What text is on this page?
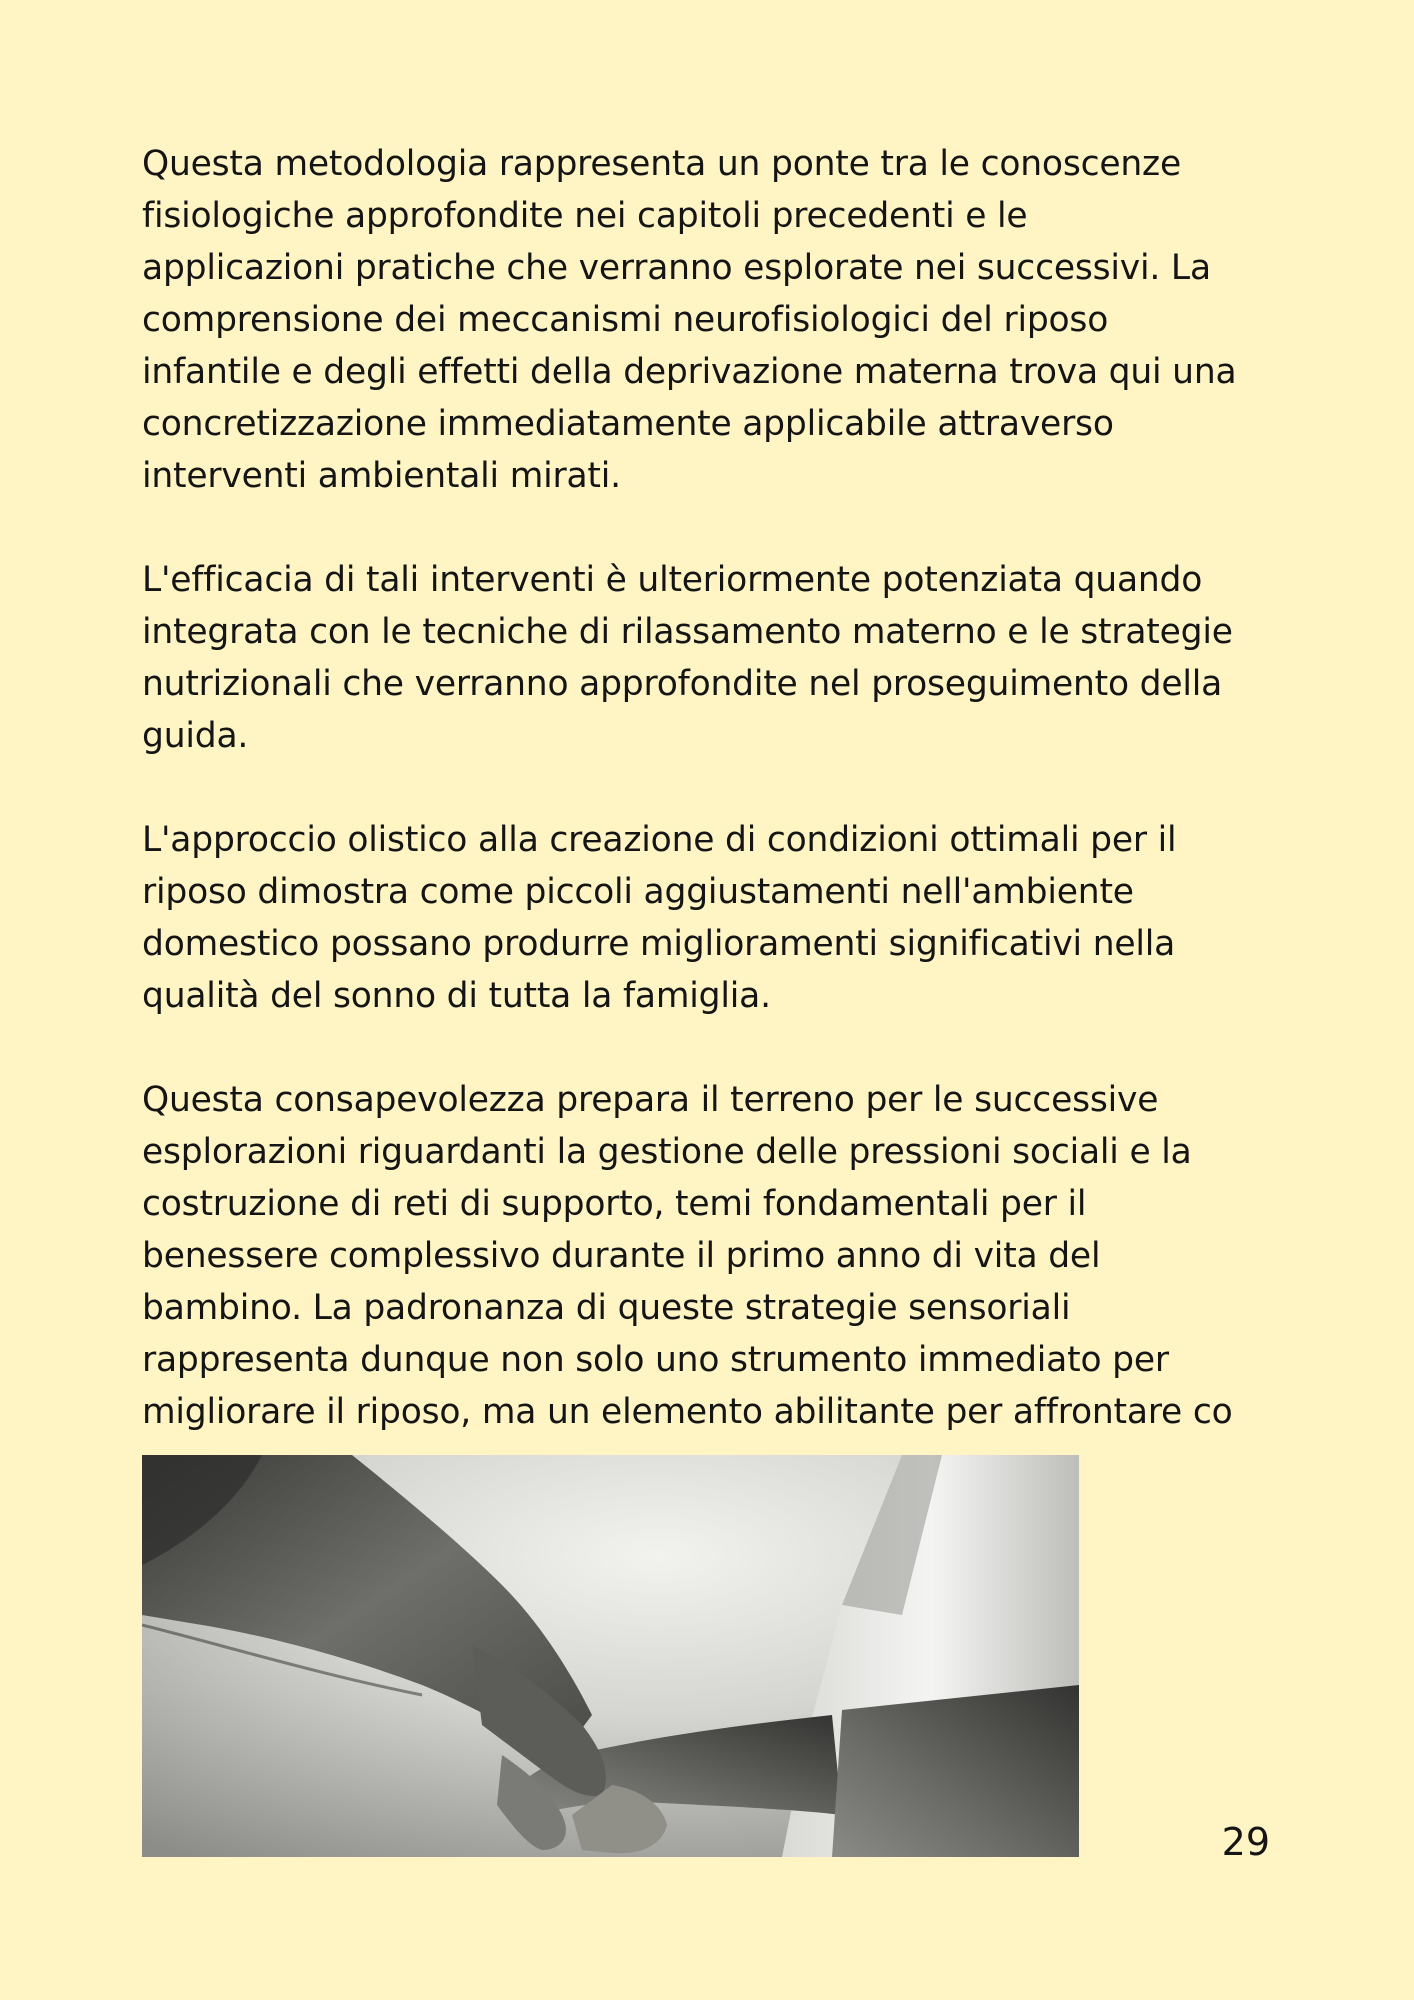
Questa metodologia rappresenta un ponte tra le conoscenze
fisiologiche approfondite nei capitoli precedenti e le
applicazioni pratiche che verranno esplorate nei successivi. La
comprensione dei meccanismi neurofisiologici del riposo
infantile e degli effetti della deprivazione materna trova qui una
concretizzazione immediatamente applicabile attraverso
interventi ambientali mirati.

L'efficacia di tali interventi è ulteriormente potenziata quando
integrata con le tecniche di rilassamento materno e le strategie
nutrizionali che verranno approfondite nel proseguimento della
guida.

L'approccio olistico alla creazione di condizioni ottimali per il
riposo dimostra come piccoli aggiustamenti nell'ambiente
domestico possano produrre miglioramenti significativi nella
qualità del sonno di tutta la famiglia.

Questa consapevolezza prepara il terreno per le successive
esplorazioni riguardanti la gestione delle pressioni sociali e la
costruzione di reti di supporto, temi fondamentali per il
benessere complessivo durante il primo anno di vita del
bambino. La padronanza di queste strategie sensoriali
rappresenta dunque non solo uno strumento immediato per
migliorare il riposo, ma un elemento abilitante per affrontare co

29
